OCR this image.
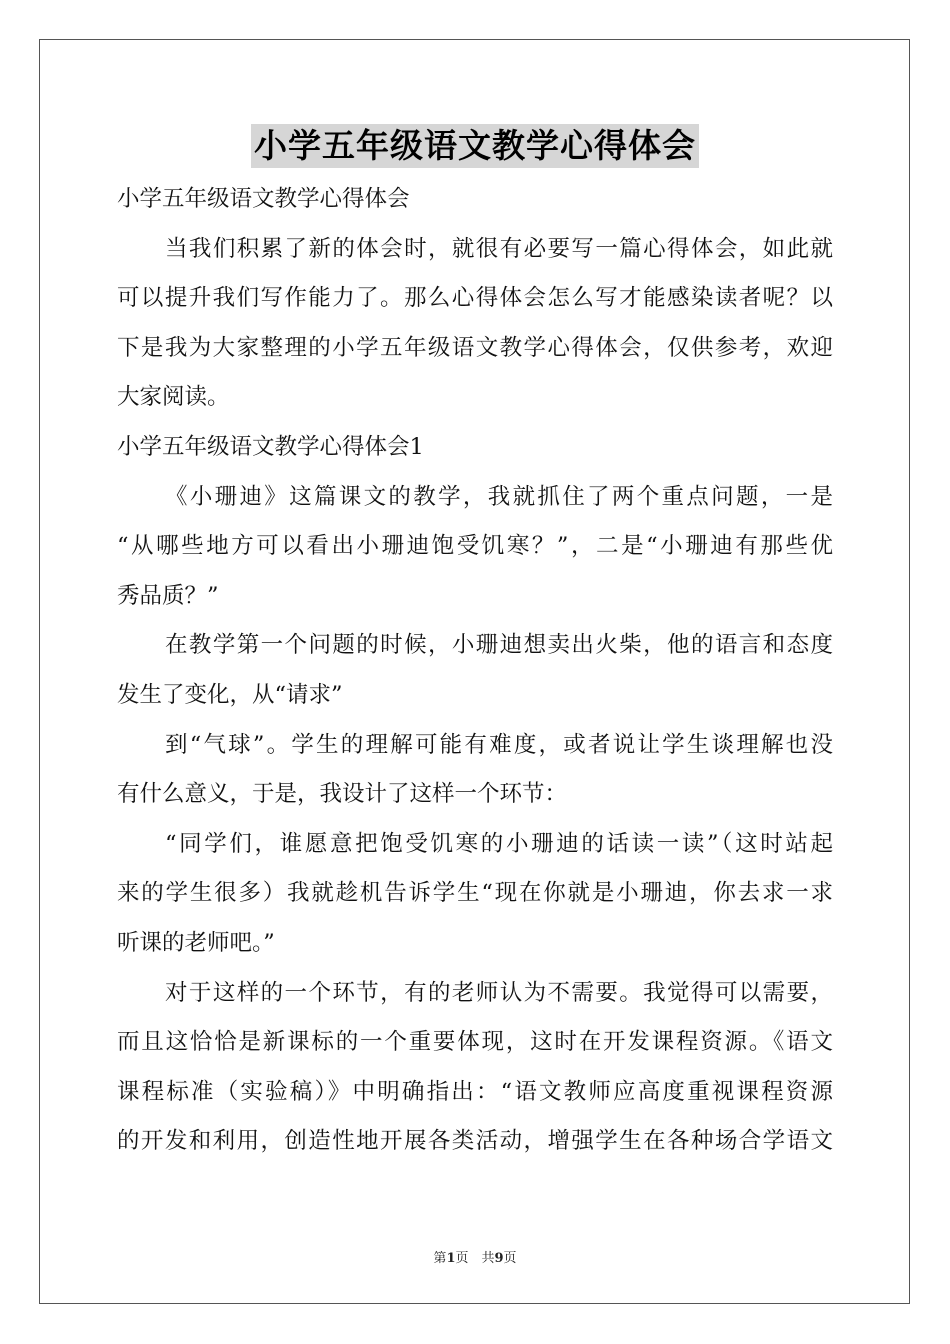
小学五年级语文教学心得体会
小学五年级语文教学心得体会
当我们积累了新的体会时，就很有必要写一篇心得体会，如此就
可以提升我们写作能力了。那么心得体会怎么写才能感染读者呢？以
下是我为大家整理的小学五年级语文教学心得体会，仅供参考，欢迎
大家阅读。
小学五年级语文教学心得体会1
《小珊迪》这篇课文的教学，我就抓住了两个重点问题，一是
“从哪些地方可以看出小珊迪饱受饥寒？”，二是“小珊迪有那些优
秀品质？”
在教学第一个问题的时候，小珊迪想卖出火柴，他的语言和态度
发生了变化，从“请求”
到“气球”。学生的理解可能有难度，或者说让学生谈理解也没
有什么意义，于是，我设计了这样一个环节：
“同学们，谁愿意把饱受饥寒的小珊迪的话读一读”（这时站起
来的学生很多）我就趁机告诉学生“现在你就是小珊迪，你去求一求
听课的老师吧。”
对于这样的一个环节，有的老师认为不需要。我觉得可以需要，
而且这恰恰是新课标的一个重要体现，这时在开发课程资源。《语文
课程标准（实验稿）》中明确指出：“语文教师应高度重视课程资源
的开发和利用，创造性地开展各类活动，增强学生在各种场合学语文
第1页　共9页
